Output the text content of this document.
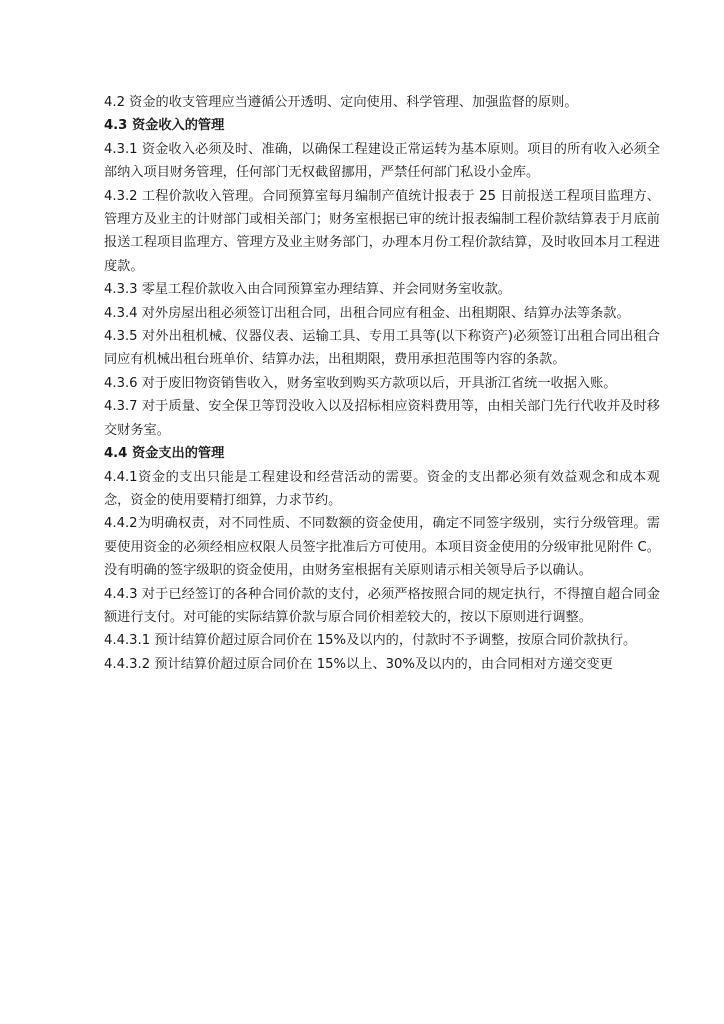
4.2 资金的收支管理应当遵循公开透明、定向使用、科学管理、加强监督的原则。

4.3 资金收入的管理

4.3.1 资金收入必须及时、准确，以确保工程建设正常运转为基本原则。项目的所有收入必须全部纳入项目财务管理，任何部门无权截留挪用，严禁任何部门私设小金库。

4.3.2 工程价款收入管理。合同预算室每月编制产值统计报表于 25 日前报送工程项目监理方、管理方及业主的计财部门或相关部门；财务室根据已审的统计报表编制工程价款结算表于月底前报送工程项目监理方、管理方及业主财务部门，办理本月份工程价款结算，及时收回本月工程进度款。

4.3.3 零星工程价款收入由合同预算室办理结算、并会同财务室收款。

4.3.4 对外房屋出租必须签订出租合同，出租合同应有租金、出租期限、结算办法等条款。

4.3.5 对外出租机械、仪器仪表、运输工具、专用工具等(以下称资产)必须签订出租合同出租合同应有机械出租台班单价、结算办法，出租期限，费用承担范围等内容的条款。

4.3.6 对于废旧物资销售收入，财务室收到购买方款项以后，开具浙江省统一收据入账。

4.3.7 对于质量、安全保卫等罚没收入以及招标相应资料费用等，由相关部门先行代收并及时移交财务室。

4.4 资金支出的管理

4.4.1资金的支出只能是工程建设和经营活动的需要。资金的支出都必须有效益观念和成本观念，资金的使用要精打细算，力求节约。

4.4.2为明确权责，对不同性质、不同数额的资金使用，确定不同签字级别，实行分级管理。需要使用资金的必须经相应权限人员签字批准后方可使用。本项目资金使用的分级审批见附件 C。没有明确的签字级职的资金使用，由财务室根据有关原则请示相关领导后予以确认。

4.4.3 对于已经签订的各种合同价款的支付，必须严格按照合同的规定执行，不得擅自超合同金额进行支付。对可能的实际结算价款与原合同价相差较大的，按以下原则进行调整。

4.4.3.1 预计结算价超过原合同价在 15%及以内的，付款时不予调整，按原合同价款执行。

4.4.3.2 预计结算价超过原合同价在 15%以上、30%及以内的，由合同相对方递交变更
